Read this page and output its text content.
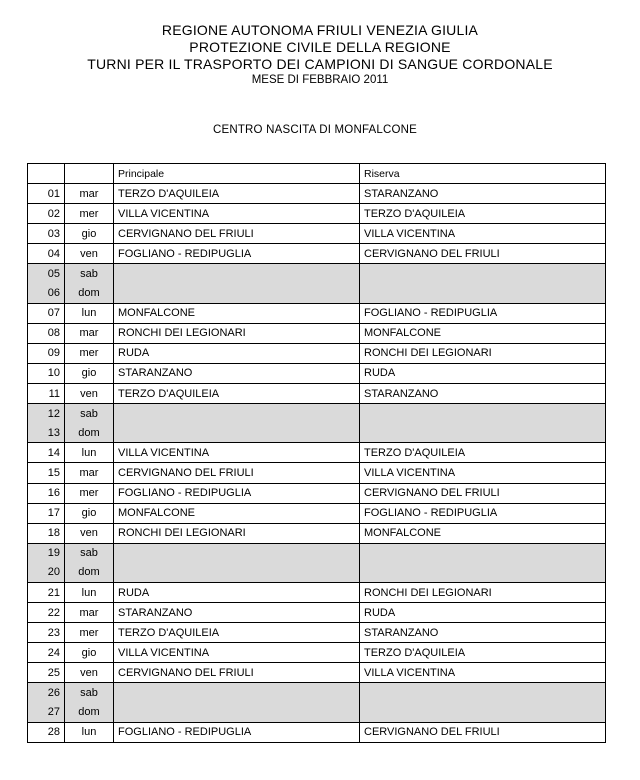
REGIONE AUTONOMA FRIULI VENEZIA GIULIA
PROTEZIONE CIVILE DELLA REGIONE
TURNI PER IL TRASPORTO DEI CAMPIONI DI SANGUE CORDONALE
MESE DI FEBBRAIO 2011
CENTRO NASCITA DI MONFALCONE
		Principale	Riserva
01	mar	TERZO D'AQUILEIA	STARANZANO
02	mer	VILLA VICENTINA	TERZO D'AQUILEIA
03	gio	CERVIGNANO DEL FRIULI	VILLA VICENTINA
04	ven	FOGLIANO - REDIPUGLIA	CERVIGNANO DEL FRIULI
05	sab		
06	dom		
07	lun	MONFALCONE	FOGLIANO - REDIPUGLIA
08	mar	RONCHI DEI LEGIONARI	MONFALCONE
09	mer	RUDA	RONCHI DEI LEGIONARI
10	gio	STARANZANO	RUDA
11	ven	TERZO D'AQUILEIA	STARANZANO
12	sab		
13	dom		
14	lun	VILLA VICENTINA	TERZO D'AQUILEIA
15	mar	CERVIGNANO DEL FRIULI	VILLA VICENTINA
16	mer	FOGLIANO - REDIPUGLIA	CERVIGNANO DEL FRIULI
17	gio	MONFALCONE	FOGLIANO - REDIPUGLIA
18	ven	RONCHI DEI LEGIONARI	MONFALCONE
19	sab		
20	dom		
21	lun	RUDA	RONCHI DEI LEGIONARI
22	mar	STARANZANO	RUDA
23	mer	TERZO D'AQUILEIA	STARANZANO
24	gio	VILLA VICENTINA	TERZO D'AQUILEIA
25	ven	CERVIGNANO DEL FRIULI	VILLA VICENTINA
26	sab		
27	dom		
28	lun	FOGLIANO - REDIPUGLIA	CERVIGNANO DEL FRIULI
